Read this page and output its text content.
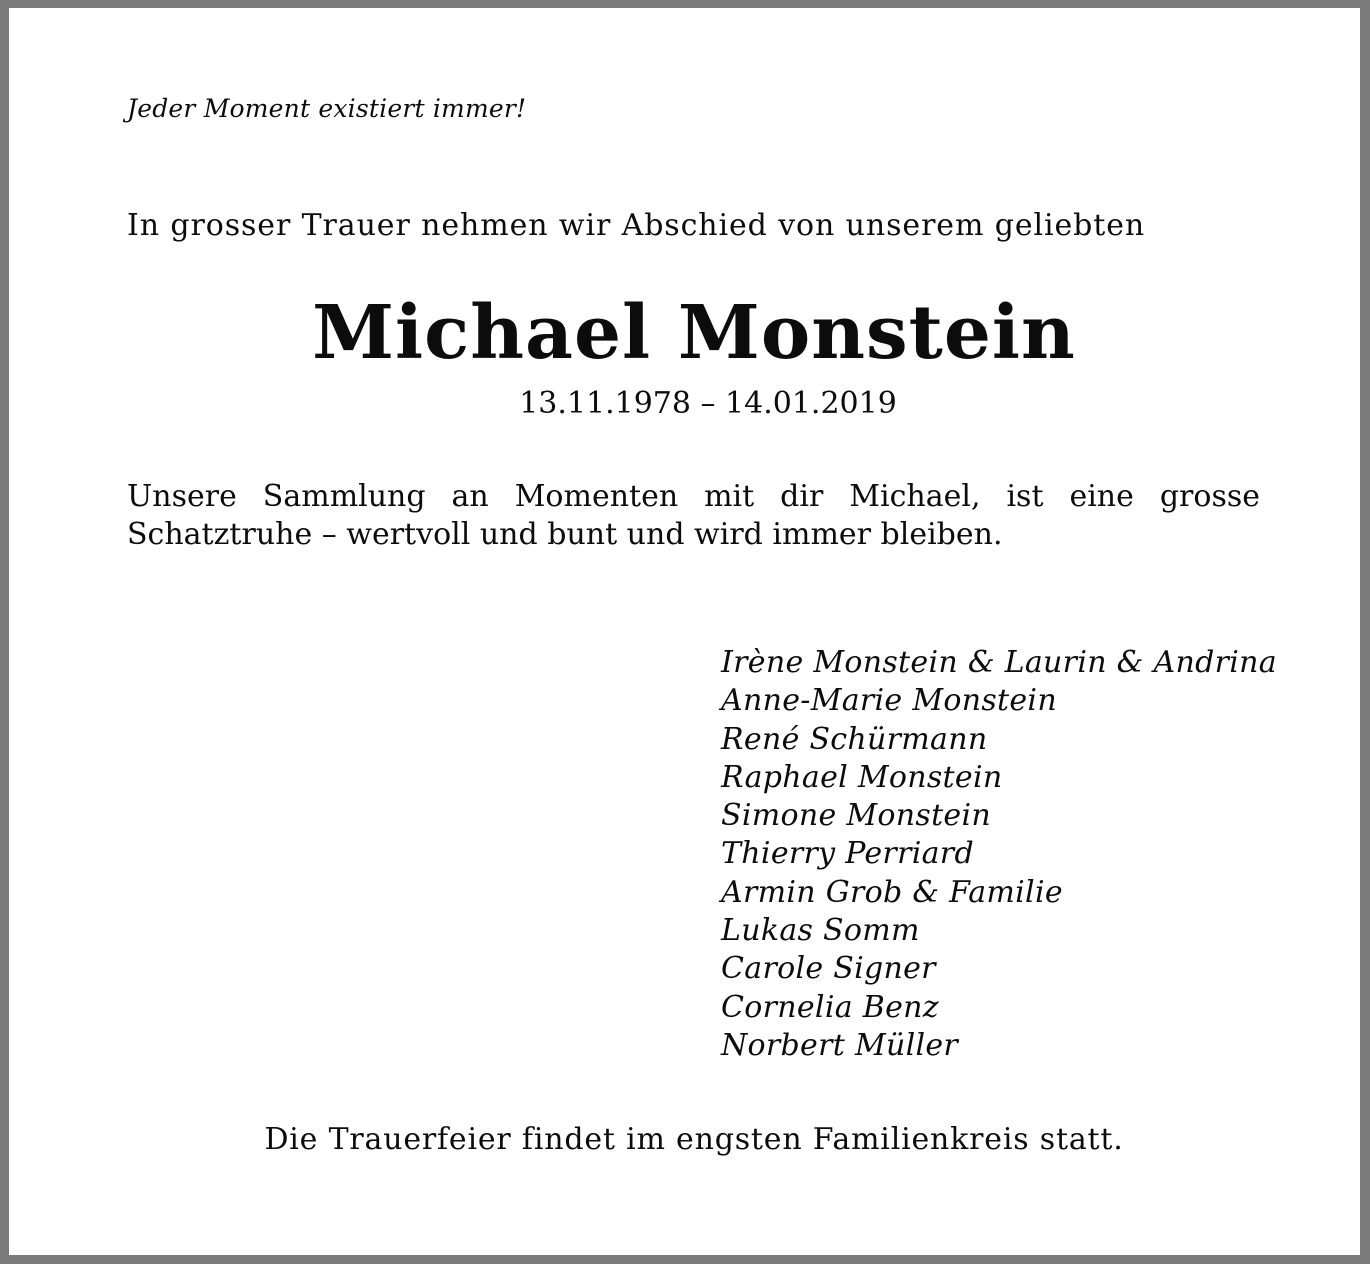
Jeder Moment existiert immer!

In grosser Trauer nehmen wir Abschied von unserem geliebten

Michael Monstein

13.11.1978 – 14.01.2019

Unsere Sammlung an Momenten mit dir Michael, ist eine grosse Schatztruhe – wertvoll und bunt und wird immer bleiben.

Irène Monstein & Laurin & Andrina
Anne-Marie Monstein
René Schürmann
Raphael Monstein
Simone Monstein
Thierry Perriard
Armin Grob & Familie
Lukas Somm
Carole Signer
Cornelia Benz
Norbert Müller

Die Trauerfeier findet im engsten Familienkreis statt.
